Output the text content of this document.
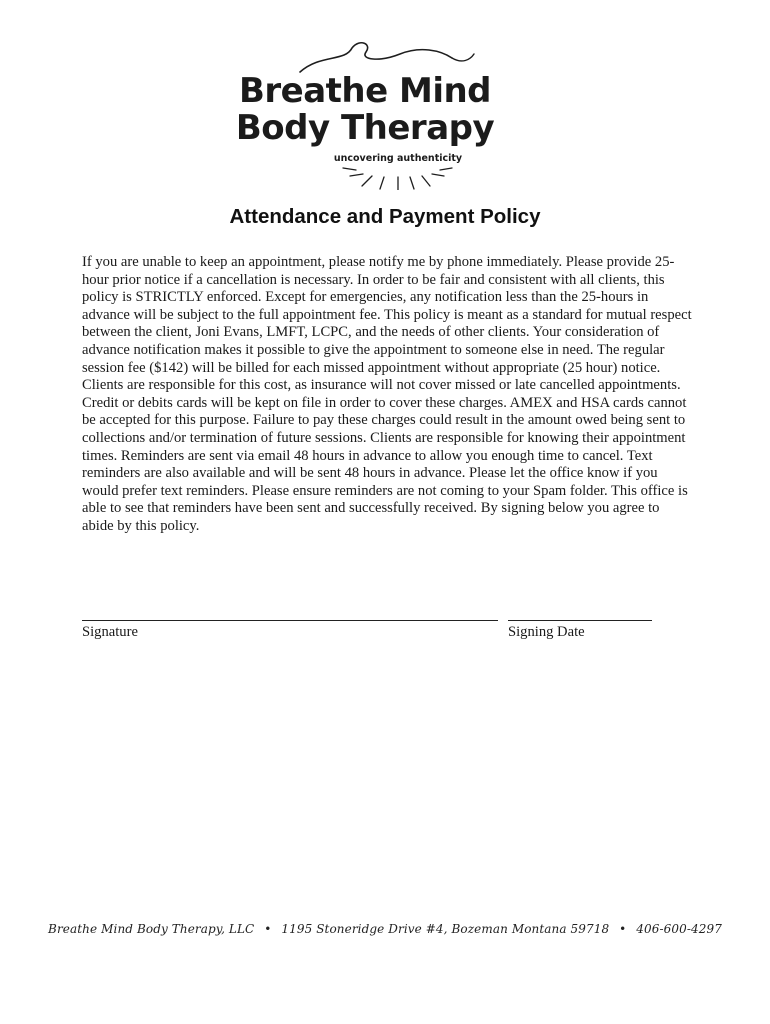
Breathe Mind
Body Therapy
uncovering authenticity
Attendance and Payment Policy

If you are unable to keep an appointment, please notify me by phone immediately. Please provide 25-hour prior notice if a cancellation is necessary. In order to be fair and consistent with all clients, this policy is STRICTLY enforced. Except for emergencies, any notification less than the 25-hours in advance will be subject to the full appointment fee. This policy is meant as a standard for mutual respect between the client, Joni Evans, LMFT, LCPC, and the needs of other clients. Your consideration of advance notification makes it possible to give the appointment to someone else in need. The regular session fee ($142) will be billed for each missed appointment without appropriate (25 hour) notice. Clients are responsible for this cost, as insurance will not cover missed or late cancelled appointments. Credit or debits cards will be kept on file in order to cover these charges. AMEX and HSA cards cannot be accepted for this purpose. Failure to pay these charges could result in the amount owed being sent to collections and/or termination of future sessions. Clients are responsible for knowing their appointment times. Reminders are sent via email 48 hours in advance to allow you enough time to cancel. Text reminders are also available and will be sent 48 hours in advance. Please let the office know if you would prefer text reminders. Please ensure reminders are not coming to your Spam folder. This office is able to see that reminders have been sent and successfully received. By signing below you agree to abide by this policy.

Signature	Signing Date
Breathe Mind Body Therapy, LLC • 1195 Stoneridge Drive #4, Bozeman Montana 59718 • 406-600-4297
